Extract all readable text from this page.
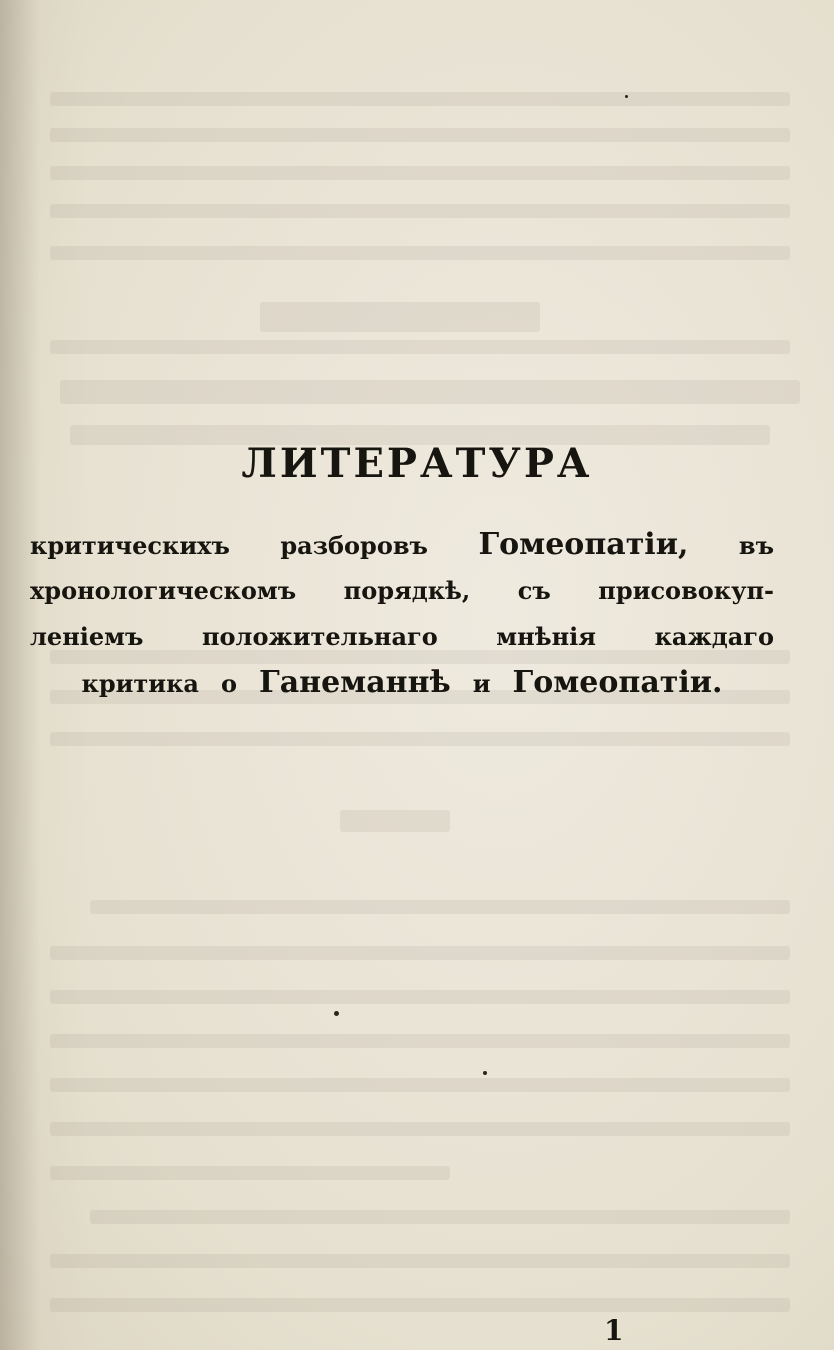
ЛИТЕРАТУРА
критическихъ разборовъ Гомеопатіи, въ
хронологическомъ порядкѣ, съ присовокуп-
леніемъ положительнаго мнѣнія каждаго
критика о Ганеманнѣ и Гомеопатіи.
1
